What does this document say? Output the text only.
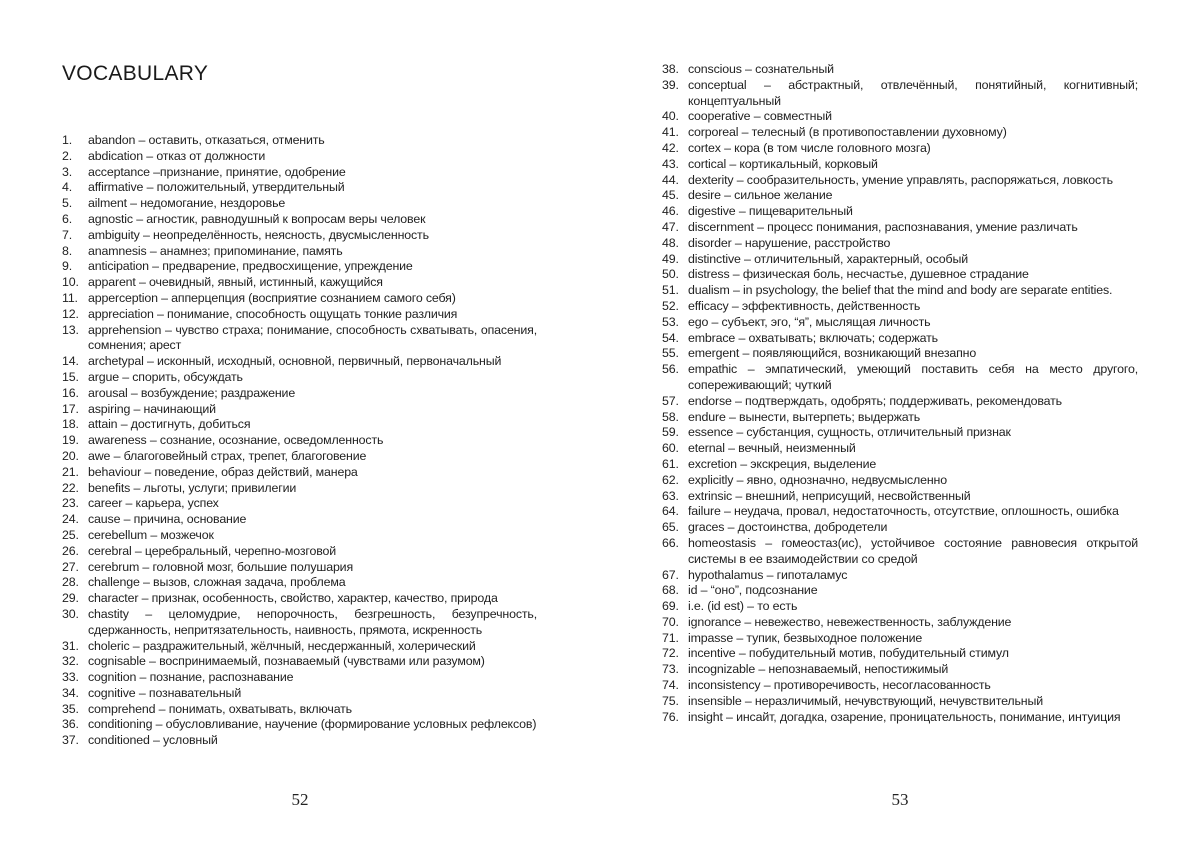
VOCABULARY
1.	abandon – оставить, отказаться, отменить
2.	abdication – отказ от должности
3.	acceptance –признание, принятие, одобрение
4.	affirmative – положительный, утвердительный
5.	ailment – недомогание, нездоровье
6.	agnostic – агностик, равнодушный к вопросам веры человек
7.	ambiguity – неопределённость, неясность, двусмысленность
8.	anamnesis – анамнез; припоминание, память
9.	anticipation – предварение, предвосхищение, упреждение
10. apparent – очевидный, явный, истинный, кажущийся
11. apperception – апперцепция (восприятие сознанием самого себя)
12. appreciation – понимание, способность ощущать тонкие различия
13. apprehension – чувство страха; понимание, способность схватывать, опасения, сомнения; арест
14. archetypal – исконный, исходный, основной, первичный, первоначальный
15. argue – спорить, обсуждать
16. arousal – возбуждение; раздражение
17. aspiring – начинающий
18. attain – достигнуть, добиться
19. awareness – сознание, осознание, осведомленность
20. awe – благоговейный страх, трепет, благоговение
21. behaviour – поведение, образ действий, манера
22. benefits – льготы, услуги; привилегии
23. career – карьера, успех
24. cause – причина, основание
25. cerebellum – мозжечок
26. cerebral – церебральный, черепно-мозговой
27. cerebrum – головной мозг, большие полушария
28. challenge – вызов, сложная задача, проблема
29. character – признак, особенность, свойство, характер, качество, природа
30. chastity – целомудрие, непорочность, безгрешность, безупречность, сдержанность, непритязательность, наивность, прямота, искренность
31. choleric – раздражительный, жёлчный, несдержанный, холерический
32. cognisable – воспринимаемый, познаваемый (чувствами или разумом)
33. cognition – познание, распознавание
34. cognitive – познавательный
35. comprehend – понимать, охватывать, включать
36. conditioning – обусловливание, научение (формирование условных рефлексов)
37. conditioned – условный
52
38. conscious – сознательный
39. conceptual – абстрактный, отвлечённый, понятийный, когнитивный; концептуальный
40. cooperative – совместный
41. corporeal – телесный (в противопоставлении духовному)
42. cortex – кора (в том числе головного мозга)
43. cortical – кортикальный, корковый
44. dexterity – сообразительность, умение управлять, распоряжаться, ловкость
45. desire – сильное желание
46. digestive – пищеварительный
47. discernment – процесс понимания, распознавания, умение различать
48. disorder – нарушение, расстройство
49. distinctive – отличительный, характерный, особый
50. distress – физическая боль, несчастье, душевное страдание
51. dualism – in psychology, the belief that the mind and body are separate entities.
52. efficacy – эффективность, действенность
53. ego – субъект, эго, “я”, мыслящая личность
54. embrace – охватывать; включать; содержать
55. emergent – появляющийся, возникающий внезапно
56. empathic – эмпатический, умеющий поставить себя на место другого, сопереживающий; чуткий
57. endorse – подтверждать, одобрять; поддерживать, рекомендовать
58. endure – вынести, вытерпеть; выдержать
59. essence – субстанция, сущность, отличительный признак
60. eternal – вечный, неизменный
61. excretion – экскреция, выделение
62. explicitly – явно, однозначно, недвусмысленно
63. extrinsic – внешний, неприсущий, несвойственный
64. failure – неудача, провал, недостаточность, отсутствие, оплошность, ошибка
65. graces – достоинства, добродетели
66. homeostasis – гомеостаз(ис), устойчивое состояние равновесия открытой системы в ее взаимодействии со средой
67. hypothalamus – гипоталамус
68. id – “оно”, подсознание
69. i.e. (id est) – то есть
70. ignorance – невежество, невежественность, заблуждение
71. impasse – тупик, безвыходное положение
72. incentive – побудительный мотив, побудительный стимул
73. incognizable – непознаваемый, непостижимый
74. inconsistency – противоречивость, несогласованность
75. insensible – неразличимый, нечувствующий, нечувствительный
76. insight – инсайт, догадка, озарение, проницательность, понимание, интуиция
53
